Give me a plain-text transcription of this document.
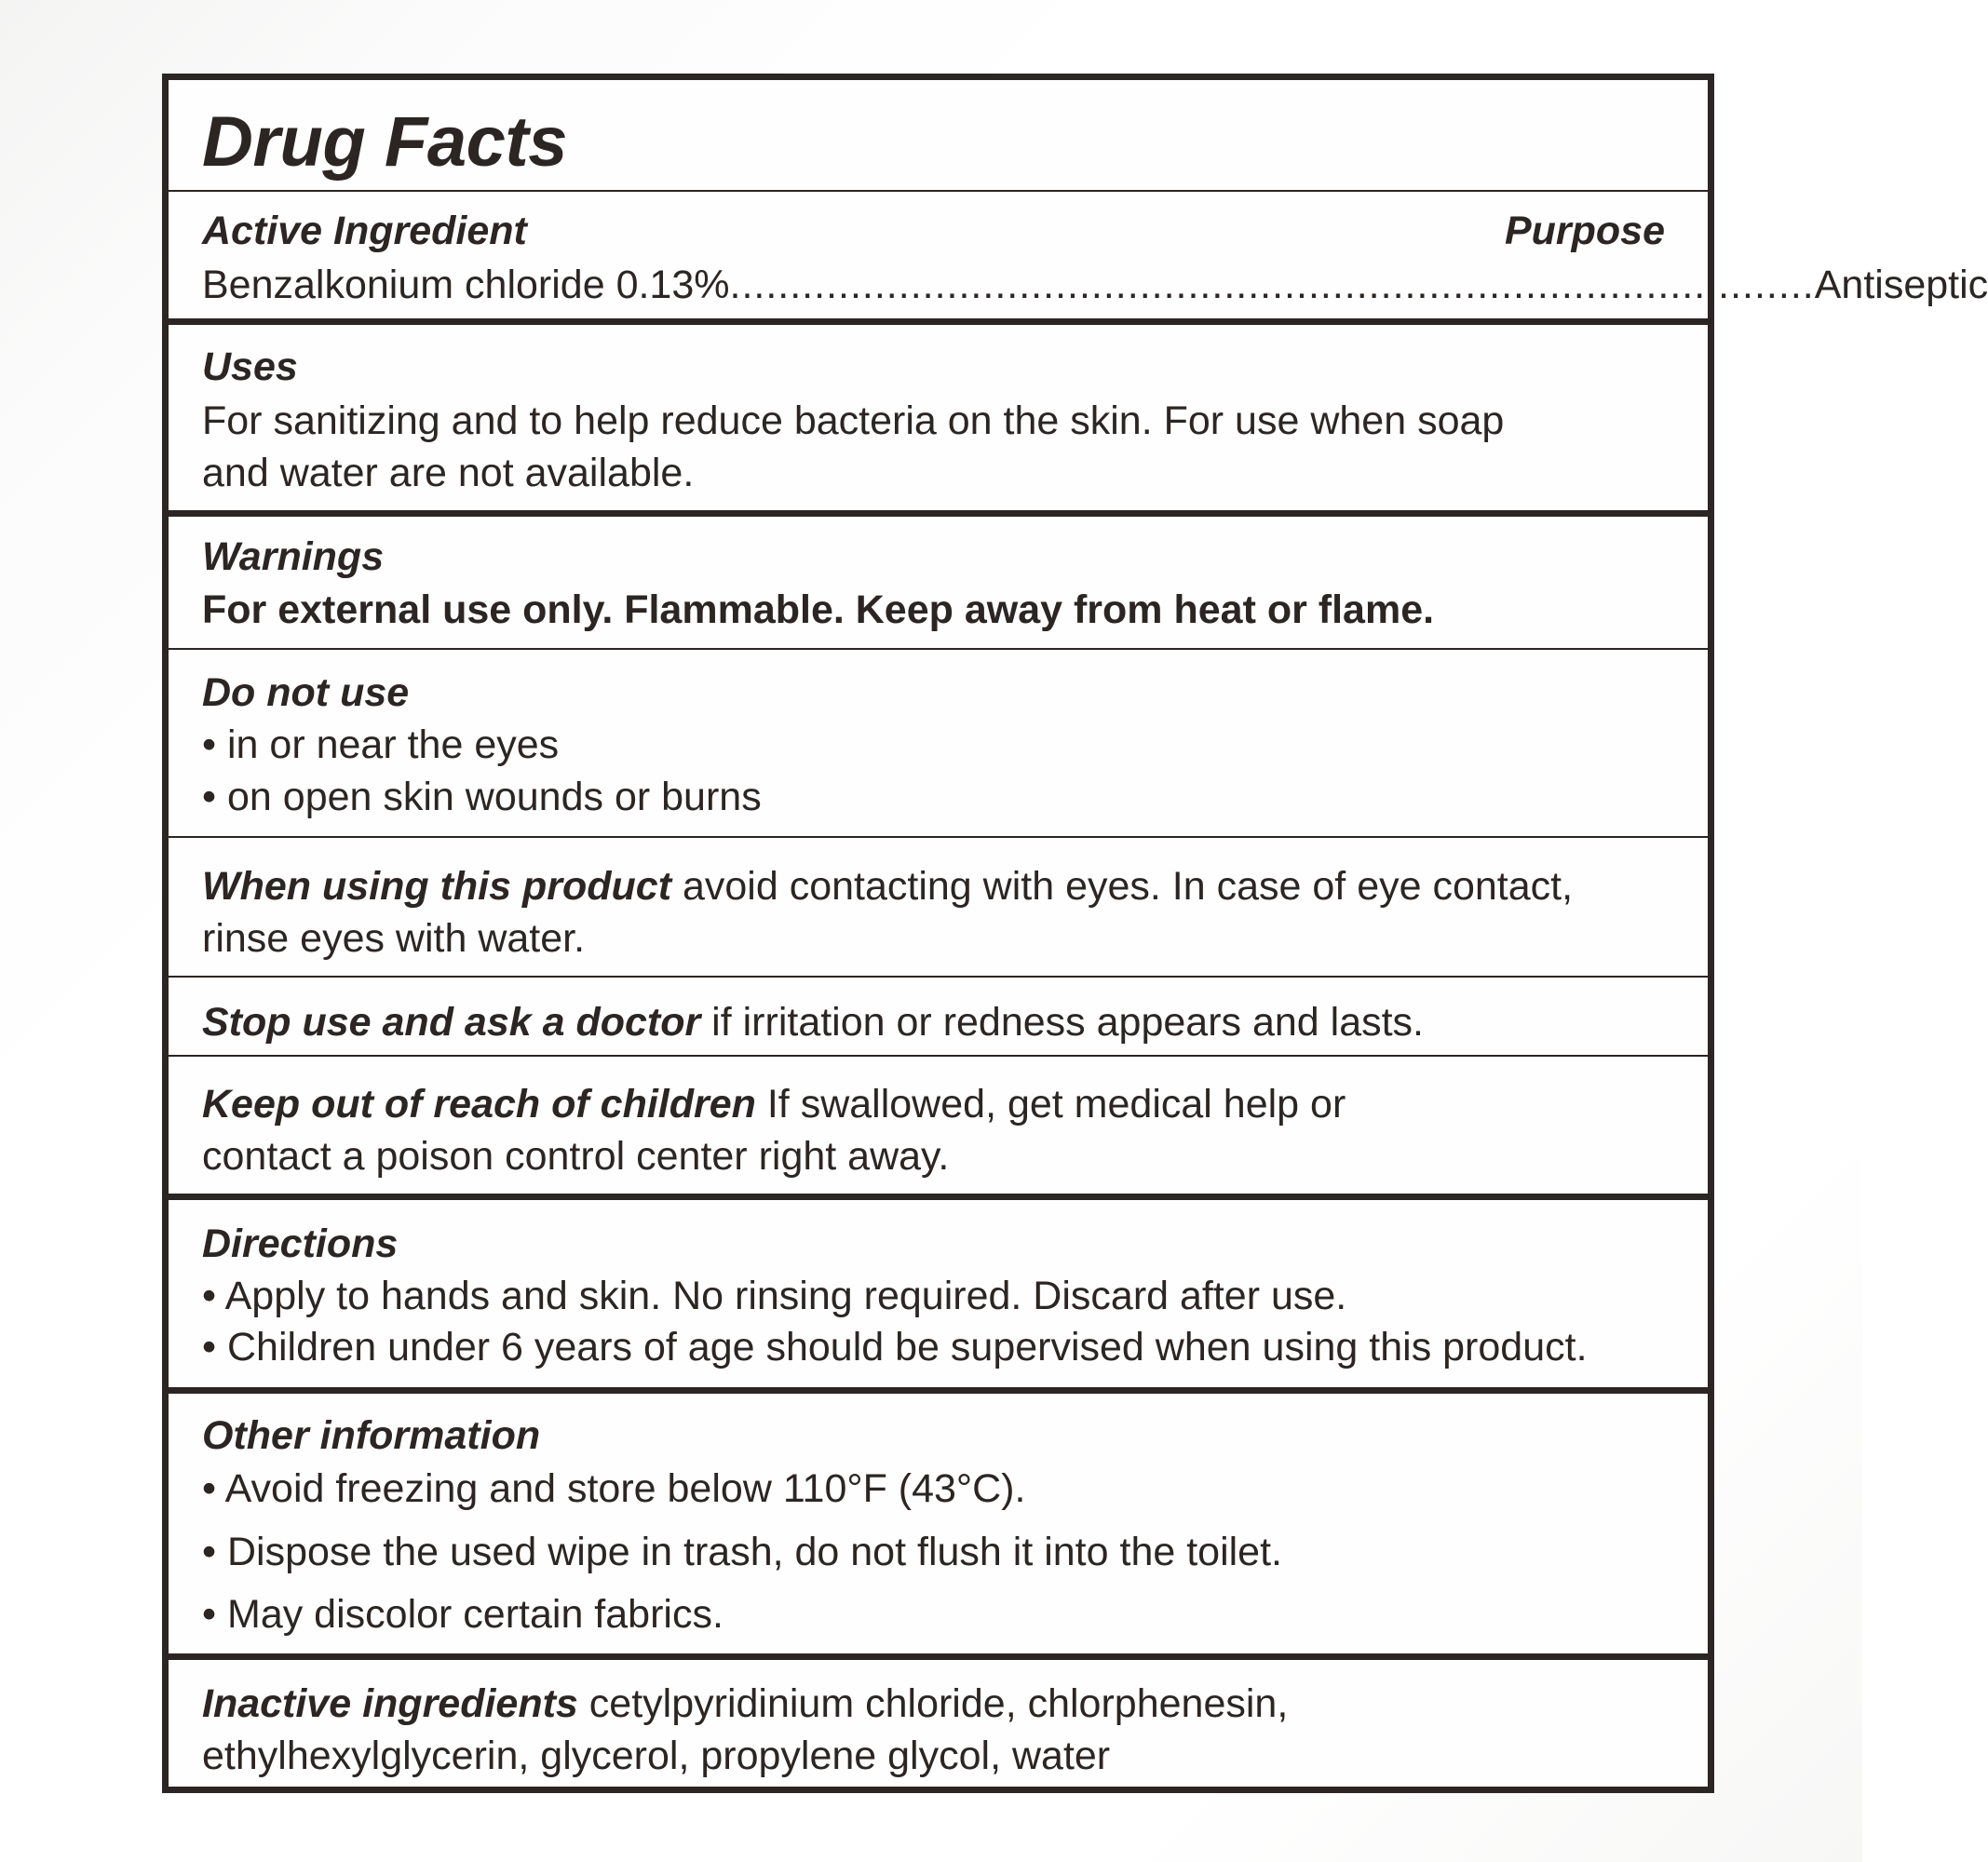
Drug Facts
Active Ingredient	Purpose
Benzalkonium chloride 0.13% .......................................................................................... Antiseptic
Uses
For sanitizing and to help reduce bacteria on the skin. For use when soap
and water are not available.
Warnings
For external use only. Flammable. Keep away from heat or flame.
Do not use
• in or near the eyes
• on open skin wounds or burns
When using this product avoid contacting with eyes. In case of eye contact,
rinse eyes with water.
Stop use and ask a doctor if irritation or redness appears and lasts.
Keep out of reach of children If swallowed, get medical help or
contact a poison control center right away.
Directions
• Apply to hands and skin. No rinsing required. Discard after use.
• Children under 6 years of age should be supervised when using this product.
Other information
• Avoid freezing and store below 110°F (43°C).
• Dispose the used wipe in trash, do not flush it into the toilet.
• May discolor certain fabrics.
Inactive ingredients cetylpyridinium chloride, chlorphenesin,
ethylhexylglycerin, glycerol, propylene glycol, water
